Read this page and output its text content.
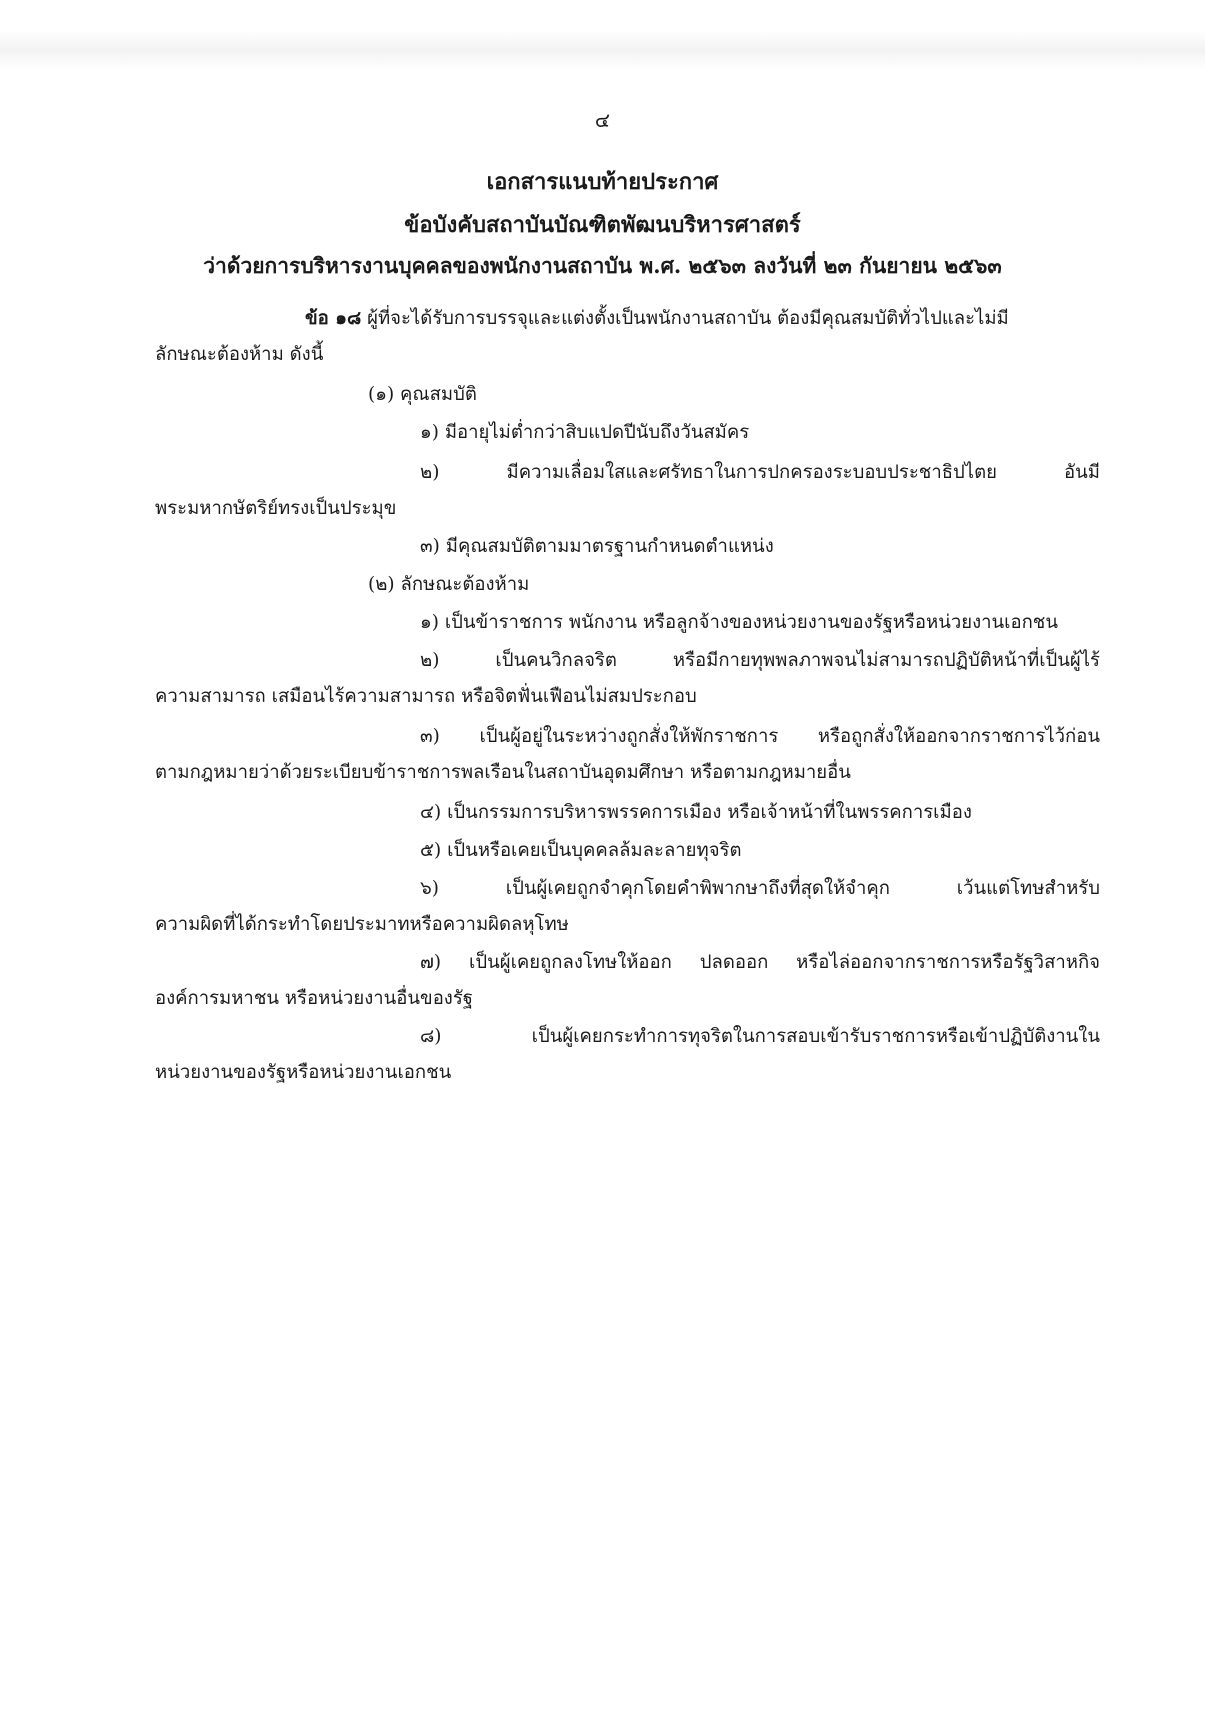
๔
เอกสารแนบท้ายประกาศ
ข้อบังคับสถาบันบัณฑิตพัฒนบริหารศาสตร์
ว่าด้วยการบริหารงานบุคคลของพนักงานสถาบัน พ.ศ. ๒๕๖๓ ลงวันที่ ๒๓ กันยายน ๒๕๖๓
ข้อ ๑๘ ผู้ที่จะได้รับการบรรจุและแต่งตั้งเป็นพนักงานสถาบัน ต้องมีคุณสมบัติทั่วไปและไม่มี
ลักษณะต้องห้าม ดังนี้
(๑) คุณสมบัติ
๑) มีอายุไม่ต่ำกว่าสิบแปดปีนับถึงวันสมัคร
๒) มีความเลื่อมใสและศรัทธาในการปกครองระบอบประชาธิปไตย อันมี
พระมหากษัตริย์ทรงเป็นประมุข
๓) มีคุณสมบัติตามมาตรฐานกำหนดตำแหน่ง
(๒) ลักษณะต้องห้าม
๑) เป็นข้าราชการ พนักงาน หรือลูกจ้างของหน่วยงานของรัฐหรือหน่วยงานเอกชน
๒) เป็นคนวิกลจริต หรือมีกายทุพพลภาพจนไม่สามารถปฏิบัติหน้าที่เป็นผู้ไร้
ความสามารถ เสมือนไร้ความสามารถ หรือจิตฟั่นเฟือนไม่สมประกอบ
๓) เป็นผู้อยู่ในระหว่างถูกสั่งให้พักราชการ หรือถูกสั่งให้ออกจากราชการไว้ก่อน
ตามกฎหมายว่าด้วยระเบียบข้าราชการพลเรือนในสถาบันอุดมศึกษา หรือตามกฎหมายอื่น
๔) เป็นกรรมการบริหารพรรคการเมือง หรือเจ้าหน้าที่ในพรรคการเมือง
๕) เป็นหรือเคยเป็นบุคคลล้มละลายทุจริต
๖) เป็นผู้เคยถูกจำคุกโดยคำพิพากษาถึงที่สุดให้จำคุก เว้นแต่โทษสำหรับ
ความผิดที่ได้กระทำโดยประมาทหรือความผิดลหุโทษ
๗) เป็นผู้เคยถูกลงโทษให้ออก ปลดออก หรือไล่ออกจากราชการหรือรัฐวิสาหกิจ
องค์การมหาชน หรือหน่วยงานอื่นของรัฐ
๘) เป็นผู้เคยกระทำการทุจริตในการสอบเข้ารับราชการหรือเข้าปฏิบัติงานใน
หน่วยงานของรัฐหรือหน่วยงานเอกชน
